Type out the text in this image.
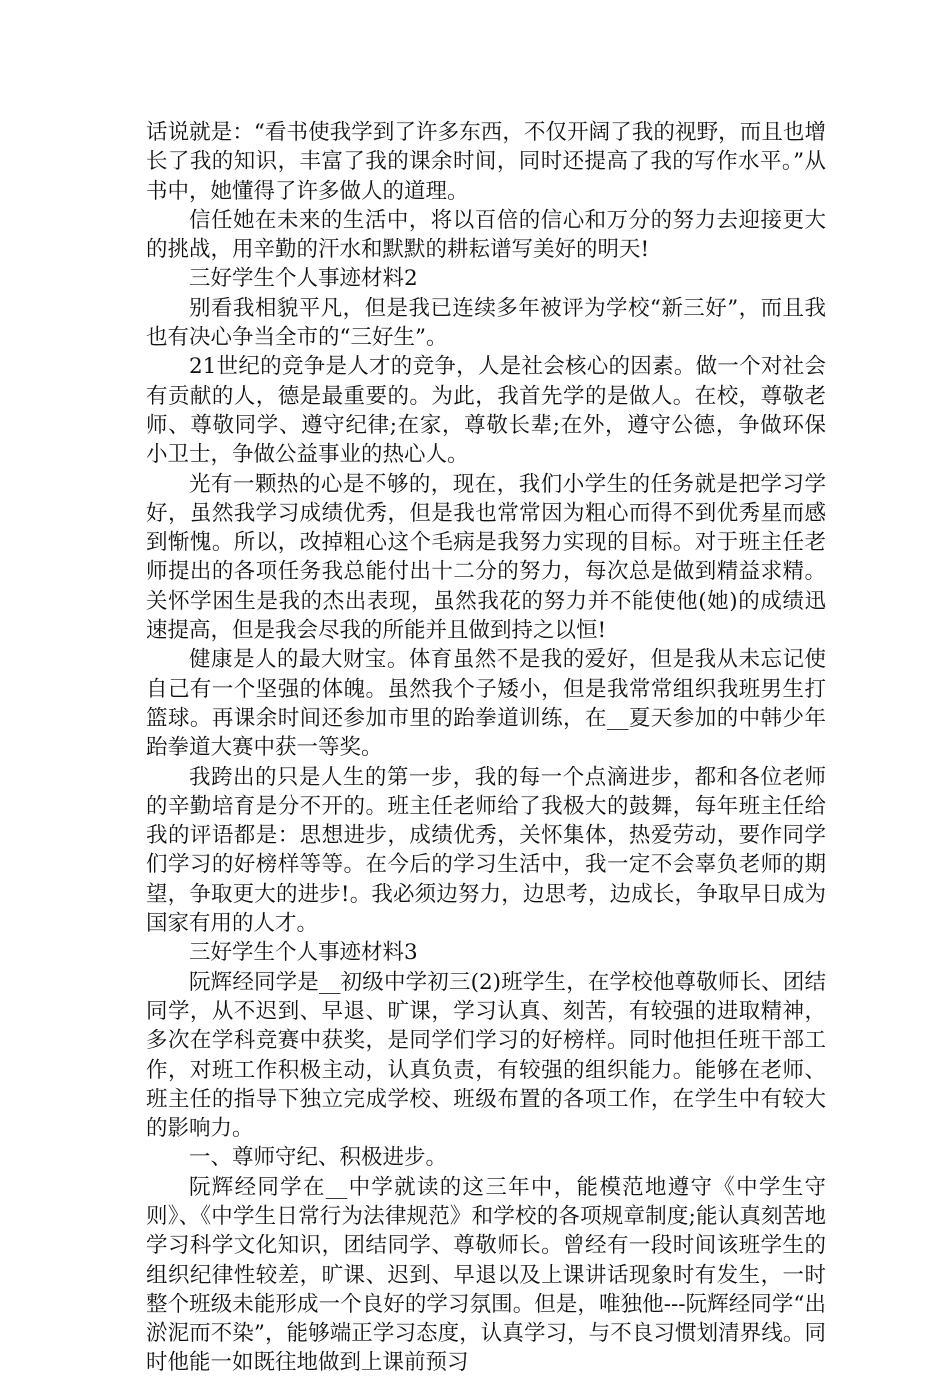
话说就是：“看书使我学到了许多东西，不仅开阔了我的视野，而且也增长了我的知识，丰富了我的课余时间，同时还提高了我的写作水平。”从书中，她懂得了许多做人的道理。

信任她在未来的生活中，将以百倍的信心和万分的努力去迎接更大的挑战，用辛勤的汗水和默默的耕耘谱写美好的明天!

三好学生个人事迹材料2

别看我相貌平凡，但是我已连续多年被评为学校“新三好”，而且我也有决心争当全市的“三好生”。

21世纪的竞争是人才的竞争，人是社会核心的因素。做一个对社会有贡献的人，德是最重要的。为此，我首先学的是做人。在校，尊敬老师、尊敬同学、遵守纪律;在家，尊敬长辈;在外，遵守公德，争做环保小卫士，争做公益事业的热心人。

光有一颗热的心是不够的，现在，我们小学生的任务就是把学习学好，虽然我学习成绩优秀，但是我也常常因为粗心而得不到优秀星而感到惭愧。所以，改掉粗心这个毛病是我努力实现的目标。对于班主任老师提出的各项任务我总能付出十二分的努力，每次总是做到精益求精。关怀学困生是我的杰出表现，虽然我花的努力并不能使他(她)的成绩迅速提高，但是我会尽我的所能并且做到持之以恒!

健康是人的最大财宝。体育虽然不是我的爱好，但是我从未忘记使自己有一个坚强的体魄。虽然我个子矮小，但是我常常组织我班男生打篮球。再课余时间还参加市里的跆拳道训练，在__夏天参加的中韩少年跆拳道大赛中获一等奖。

我跨出的只是人生的第一步，我的每一个点滴进步，都和各位老师的辛勤培育是分不开的。班主任老师给了我极大的鼓舞，每年班主任给我的评语都是：思想进步，成绩优秀，关怀集体，热爱劳动，要作同学们学习的好榜样等等。在今后的学习生活中，我一定不会辜负老师的期望，争取更大的进步!。我必须边努力，边思考，边成长，争取早日成为国家有用的人才。

三好学生个人事迹材料3

阮辉经同学是__初级中学初三(2)班学生，在学校他尊敬师长、团结同学，从不迟到、早退、旷课，学习认真、刻苦，有较强的进取精神，多次在学科竞赛中获奖，是同学们学习的好榜样。同时他担任班干部工作，对班工作积极主动，认真负责，有较强的组织能力。能够在老师、班主任的指导下独立完成学校、班级布置的各项工作，在学生中有较大的影响力。

一、尊师守纪、积极进步。

阮辉经同学在__中学就读的这三年中，能模范地遵守《中学生守则》、《中学生日常行为法律规范》和学校的各项规章制度;能认真刻苦地学习科学文化知识，团结同学、尊敬师长。曾经有一段时间该班学生的组织纪律性较差，旷课、迟到、早退以及上课讲话现象时有发生，一时整个班级未能形成一个良好的学习氛围。但是，唯独他---阮辉经同学“出淤泥而不染”，能够端正学习态度，认真学习，与不良习惯划清界线。同时他能一如既往地做到上课前预习
